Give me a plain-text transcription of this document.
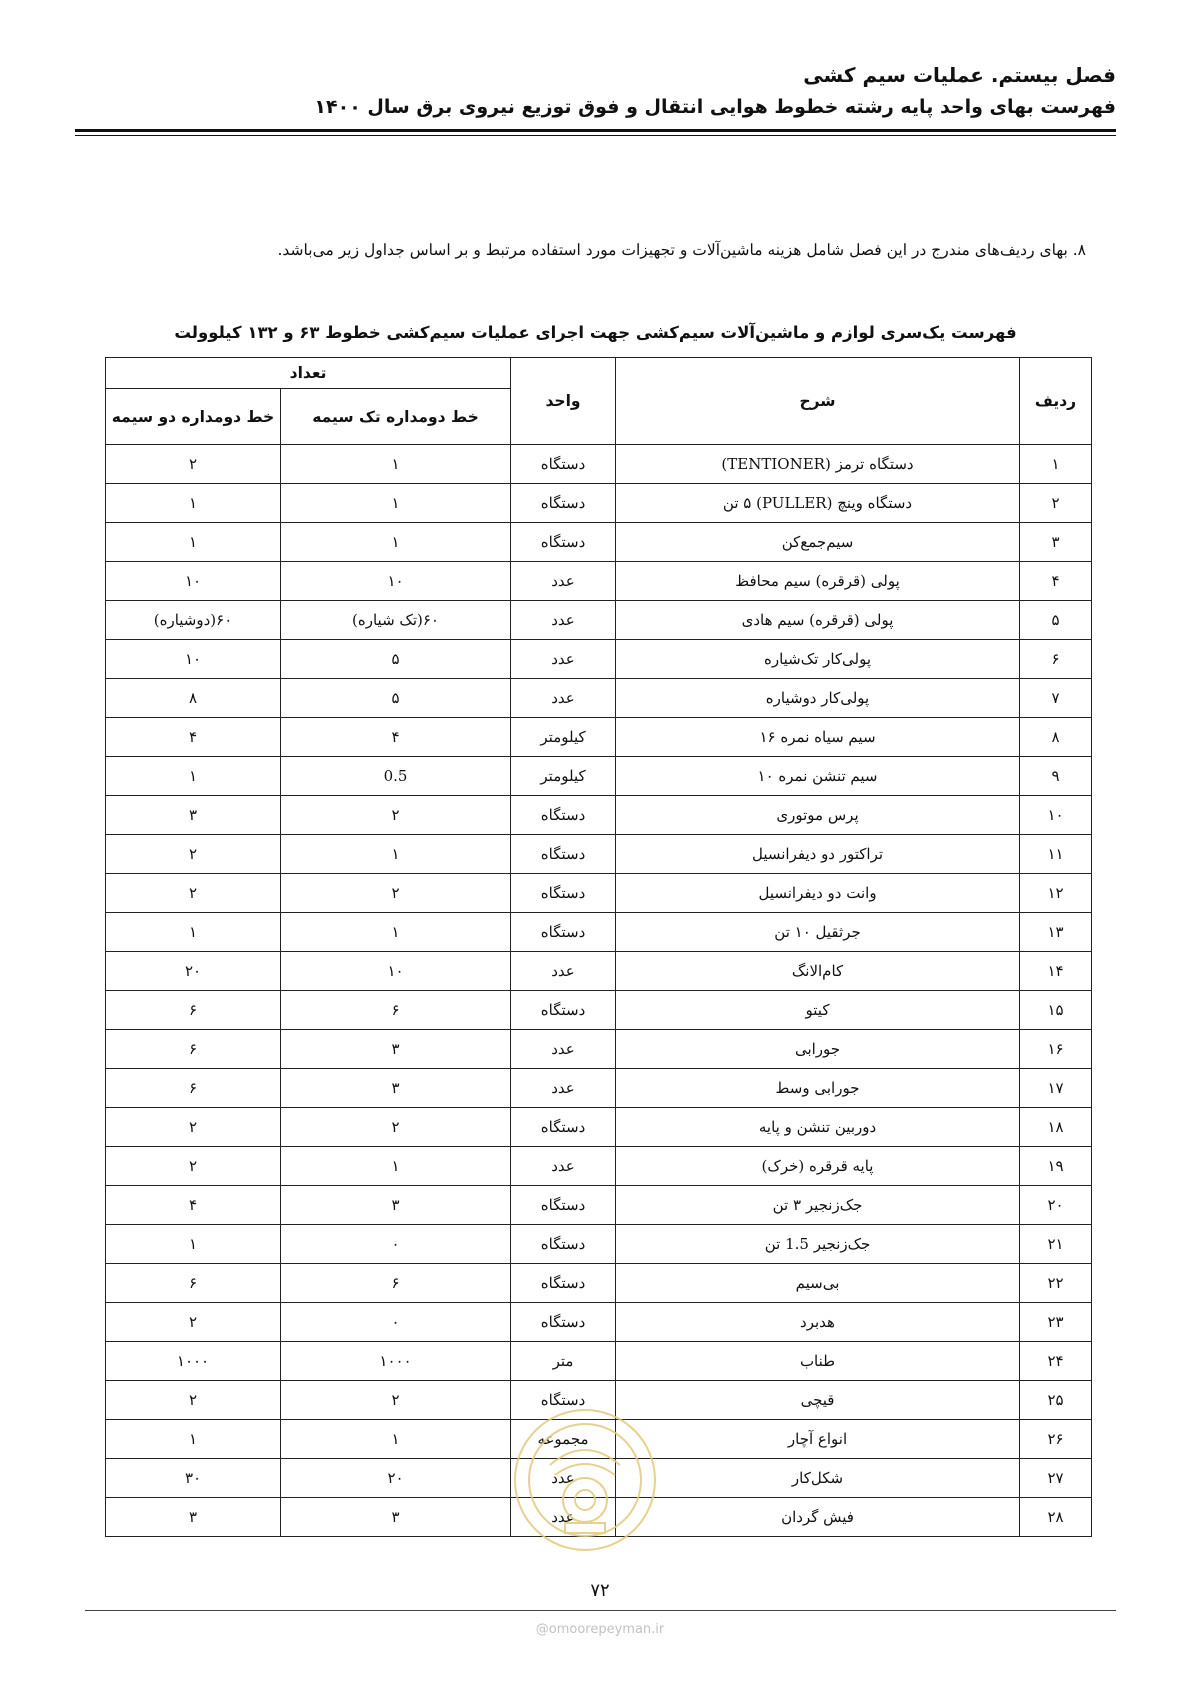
فصل بیستم. عملیات سیم کشی
فهرست بهای واحد پایه رشته خطوط هوایی انتقال و فوق توزیع نیروی برق سال ۱۴۰۰
۸. بهای ردیف‌های مندرج در این فصل شامل هزینه ماشین‌آلات و تجهیزات مورد استفاده مرتبط و بر اساس جداول زیر می‌باشد.
فهرست یک‌سری لوازم و ماشین‌آلات سیم‌کشی جهت اجرای عملیات سیم‌کشی خطوط ۶۳ و ۱۳۲ کیلوولت
ردیف	شرح	واحد	تعداد	
			خط دومداره تک سیمه	خط دومداره دو سیمه
۱	دستگاه ترمز (TENTIONER)	دستگاه	۱	۲
۲	دستگاه وینچ (PULLER) ۵ تن	دستگاه	۱	۱
۳	سیم‌جمع‌کن	دستگاه	۱	۱
۴	پولی (قرقره) سیم محافظ	عدد	۱۰	۱۰
۵	پولی (قرقره) سیم هادی	عدد	۶۰(تک شیاره)	۶۰(دوشیاره)
۶	پولی‌کار تک‌شیاره	عدد	۵	۱۰
۷	پولی‌کار دوشیاره	عدد	۵	۸
۸	سیم سیاه نمره ۱۶	کیلومتر	۴	۴
۹	سیم تنشن نمره ۱۰	کیلومتر	0.5	۱
۱۰	پرس موتوری	دستگاه	۲	۳
۱۱	تراکتور دو دیفرانسیل	دستگاه	۱	۲
۱۲	وانت دو دیفرانسیل	دستگاه	۲	۲
۱۳	جرثقیل ۱۰ تن	دستگاه	۱	۱
۱۴	کام‌الانگ	عدد	۱۰	۲۰
۱۵	کیتو	دستگاه	۶	۶
۱۶	جورابی	عدد	۳	۶
۱۷	جورابی وسط	عدد	۳	۶
۱۸	دوربین تنشن و پایه	دستگاه	۲	۲
۱۹	پایه قرقره (خرک)	عدد	۱	۲
۲۰	جک‌زنجیر ۳ تن	دستگاه	۳	۴
۲۱	جک‌زنجیر 1.5 تن	دستگاه	۰	۱
۲۲	بی‌سیم	دستگاه	۶	۶
۲۳	هدبرد	دستگاه	۰	۲
۲۴	طناب	متر	۱۰۰۰	۱۰۰۰
۲۵	قیچی	دستگاه	۲	۲
۲۶	انواع آچار	مجموعه	۱	۱
۲۷	شکل‌کار	عدد	۲۰	۳۰
۲۸	فیش گردان	عدد	۳	۳
۷۲
@omoorepeyman.ir
